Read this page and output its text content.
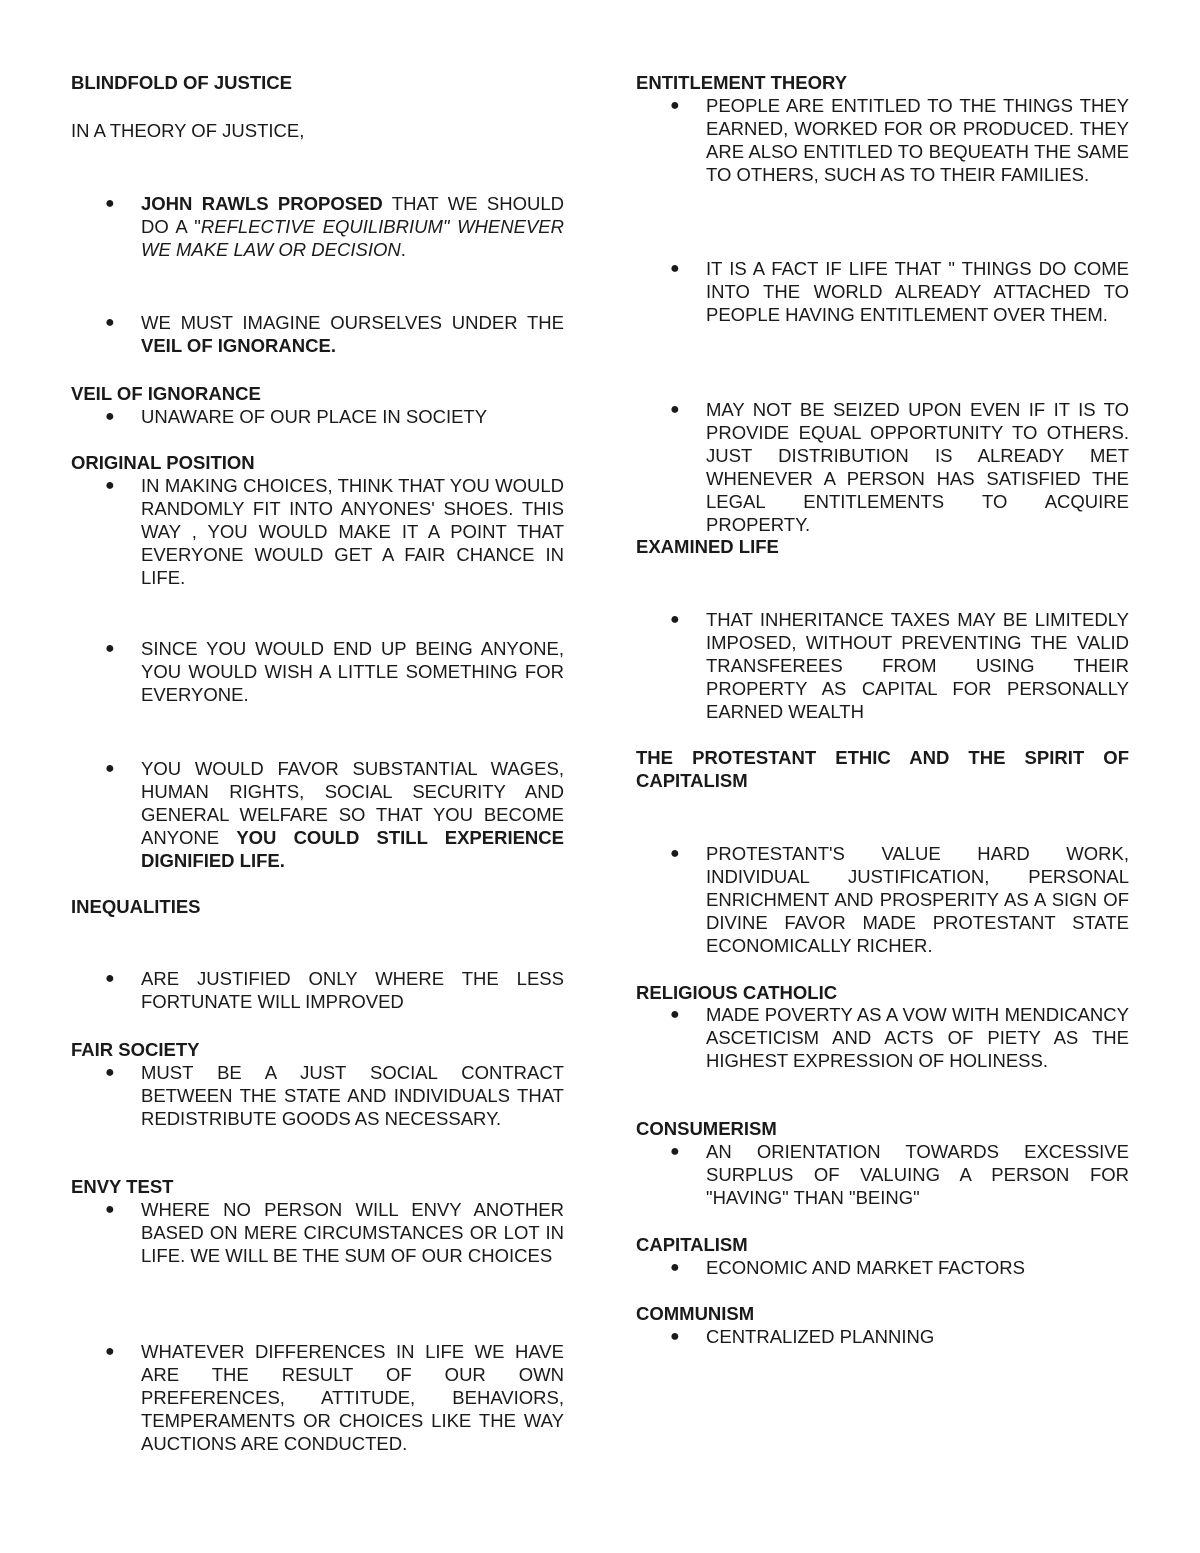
BLINDFOLD OF JUSTICE
IN A THEORY OF JUSTICE,
● JOHN RAWLS PROPOSED THAT WE SHOULD DO A "REFLECTIVE EQUILIBRIUM" WHENEVER WE MAKE LAW OR DECISION.
● WE MUST IMAGINE OURSELVES UNDER THE VEIL OF IGNORANCE.
VEIL OF IGNORANCE
● UNAWARE OF OUR PLACE IN SOCIETY
ORIGINAL POSITION
● IN MAKING CHOICES, THINK THAT YOU WOULD RANDOMLY FIT INTO ANYONES' SHOES. THIS WAY , YOU WOULD MAKE IT A POINT THAT EVERYONE WOULD GET A FAIR CHANCE IN LIFE.
● SINCE YOU WOULD END UP BEING ANYONE, YOU WOULD WISH A LITTLE SOMETHING FOR EVERYONE.
● YOU WOULD FAVOR SUBSTANTIAL WAGES, HUMAN RIGHTS, SOCIAL SECURITY AND GENERAL WELFARE SO THAT YOU BECOME ANYONE YOU COULD STILL EXPERIENCE DIGNIFIED LIFE.
INEQUALITIES
● ARE JUSTIFIED ONLY WHERE THE LESS FORTUNATE WILL IMPROVED
FAIR SOCIETY
● MUST BE A JUST SOCIAL CONTRACT BETWEEN THE STATE AND INDIVIDUALS THAT REDISTRIBUTE GOODS AS NECESSARY.
ENVY TEST
● WHERE NO PERSON WILL ENVY ANOTHER BASED ON MERE CIRCUMSTANCES OR LOT IN LIFE. WE WILL BE THE SUM OF OUR CHOICES
● WHATEVER DIFFERENCES IN LIFE WE HAVE ARE THE RESULT OF OUR OWN PREFERENCES, ATTITUDE, BEHAVIORS, TEMPERAMENTS OR CHOICES LIKE THE WAY AUCTIONS ARE CONDUCTED.
ENTITLEMENT THEORY
● PEOPLE ARE ENTITLED TO THE THINGS THEY EARNED, WORKED FOR OR PRODUCED. THEY ARE ALSO ENTITLED TO BEQUEATH THE SAME TO OTHERS, SUCH AS TO THEIR FAMILIES.
● IT IS A FACT IF LIFE THAT " THINGS DO COME INTO THE WORLD ALREADY ATTACHED TO PEOPLE HAVING ENTITLEMENT OVER THEM.
● MAY NOT BE SEIZED UPON EVEN IF IT IS TO PROVIDE EQUAL OPPORTUNITY TO OTHERS. JUST DISTRIBUTION IS ALREADY MET WHENEVER A PERSON HAS SATISFIED THE LEGAL ENTITLEMENTS TO ACQUIRE PROPERTY.
EXAMINED LIFE
● THAT INHERITANCE TAXES MAY BE LIMITEDLY IMPOSED, WITHOUT PREVENTING THE VALID TRANSFEREES FROM USING THEIR PROPERTY AS CAPITAL FOR PERSONALLY EARNED WEALTH
THE PROTESTANT ETHIC AND THE SPIRIT OF CAPITALISM
● PROTESTANT'S VALUE HARD WORK, INDIVIDUAL JUSTIFICATION, PERSONAL ENRICHMENT AND PROSPERITY AS A SIGN OF DIVINE FAVOR MADE PROTESTANT STATE ECONOMICALLY RICHER.
RELIGIOUS CATHOLIC
● MADE POVERTY AS A VOW WITH MENDICANCY ASCETICISM AND ACTS OF PIETY AS THE HIGHEST EXPRESSION OF HOLINESS.
CONSUMERISM
● AN ORIENTATION TOWARDS EXCESSIVE SURPLUS OF VALUING A PERSON FOR "HAVING" THAN "BEING"
CAPITALISM
● ECONOMIC AND MARKET FACTORS
COMMUNISM
● CENTRALIZED PLANNING
